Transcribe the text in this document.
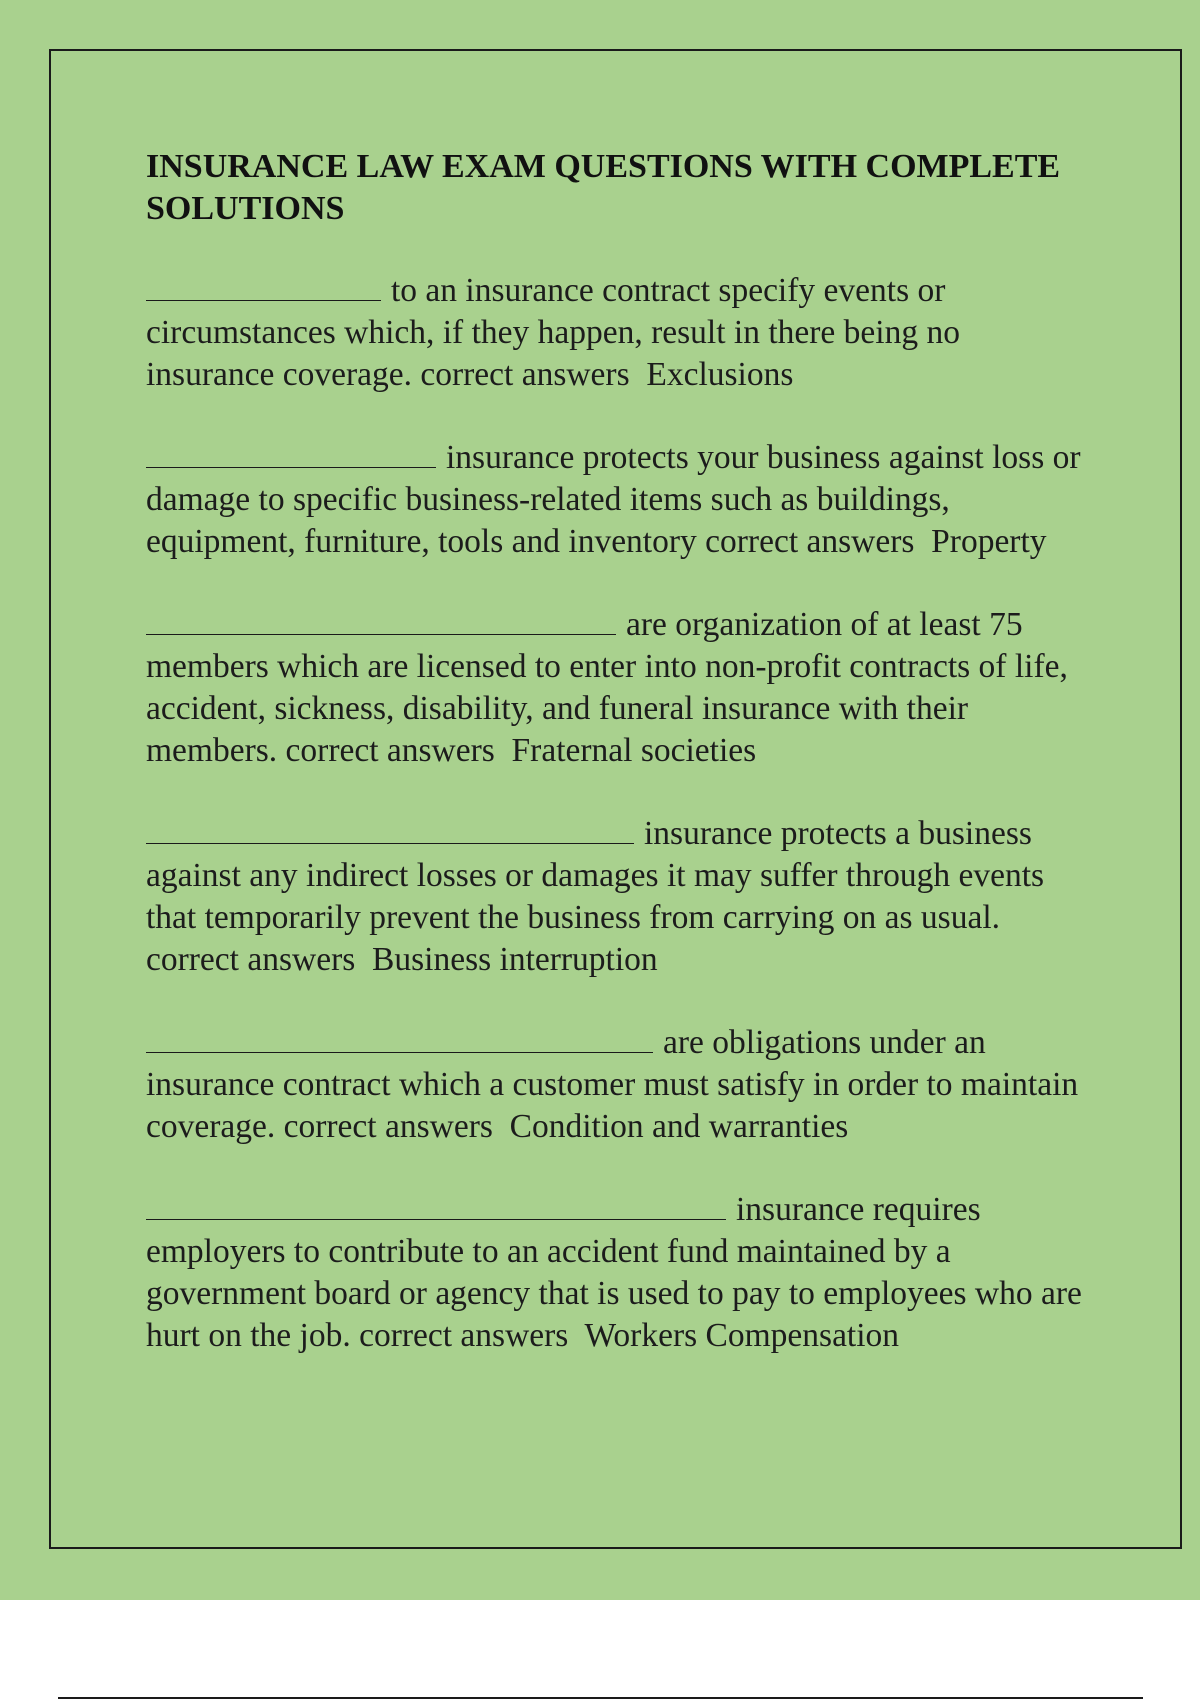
INSURANCE LAW EXAM QUESTIONS WITH COMPLETE SOLUTIONS

to an insurance contract specify events or circumstances which, if they happen, result in there being no insurance coverage. correct answers  Exclusions

insurance protects your business against loss or damage to specific business-related items such as buildings, equipment, furniture, tools and inventory correct answers  Property

are organization of at least 75 members which are licensed to enter into non-profit contracts of life, accident, sickness, disability, and funeral insurance with their members. correct answers  Fraternal societies

insurance protects a business against any indirect losses or damages it may suffer through events that temporarily prevent the business from carrying on as usual. correct answers  Business interruption

are obligations under an insurance contract which a customer must satisfy in order to maintain coverage. correct answers  Condition and warranties

insurance requires employers to contribute to an accident fund maintained by a government board or agency that is used to pay to employees who are hurt on the job. correct answers  Workers Compensation
